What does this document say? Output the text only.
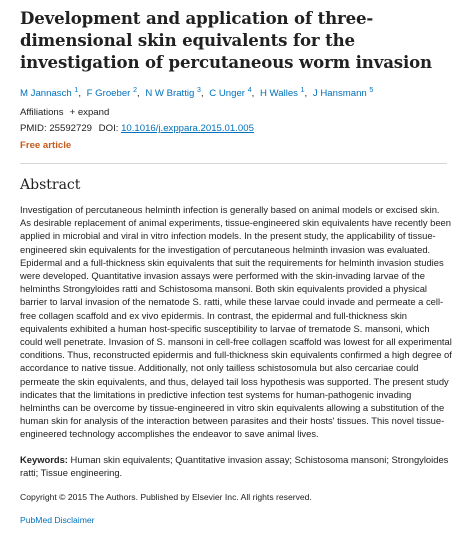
Development and application of three-dimensional skin equivalents for the investigation of percutaneous worm invasion
M Jannasch $^1$, F Groeber $^2$, N W Brattig $^3$, C Unger $^4$, H Walles $^1$, J Hansmann $^5$
Affiliations + expand
PMID: 25592729 DOI: 10.1016/j.exppara.2015.01.005
Free article
Abstract
Investigation of percutaneous helminth infection is generally based on animal models or excised skin. As desirable replacement of animal experiments, tissue-engineered skin equivalents have recently been applied in microbial and viral in vitro infection models. In the present study, the applicability of tissue-engineered skin equivalents for the investigation of percutaneous helminth invasion was evaluated. Epidermal and a full-thickness skin equivalents that suit the requirements for helminth invasion studies were developed. Quantitative invasion assays were performed with the skin-invading larvae of the helminths Strongyloides ratti and Schistosoma mansoni. Both skin equivalents provided a physical barrier to larval invasion of the nematode S. ratti, while these larvae could invade and permeate a cell-free collagen scaffold and ex vivo epidermis. In contrast, the epidermal and full-thickness skin equivalents exhibited a human host-specific susceptibility to larvae of trematode S. mansoni, which could well penetrate. Invasion of S. mansoni in cell-free collagen scaffold was lowest for all experimental conditions. Thus, reconstructed epidermis and full-thickness skin equivalents confirmed a high degree of accordance to native tissue. Additionally, not only tailless schistosomula but also cercariae could permeate the skin equivalents, and thus, delayed tail loss hypothesis was supported. The present study indicates that the limitations in predictive infection test systems for human-pathogenic invading helminths can be overcome by tissue-engineered in vitro skin equivalents allowing a substitution of the human skin for analysis of the interaction between parasites and their hosts' tissues. This novel tissue-engineered technology accomplishes the endeavor to save animal lives.
Keywords: Human skin equivalents; Quantitative invasion assay; Schistosoma mansoni; Strongyloides ratti; Tissue engineering.
Copyright © 2015 The Authors. Published by Elsevier Inc. All rights reserved.
PubMed Disclaimer
